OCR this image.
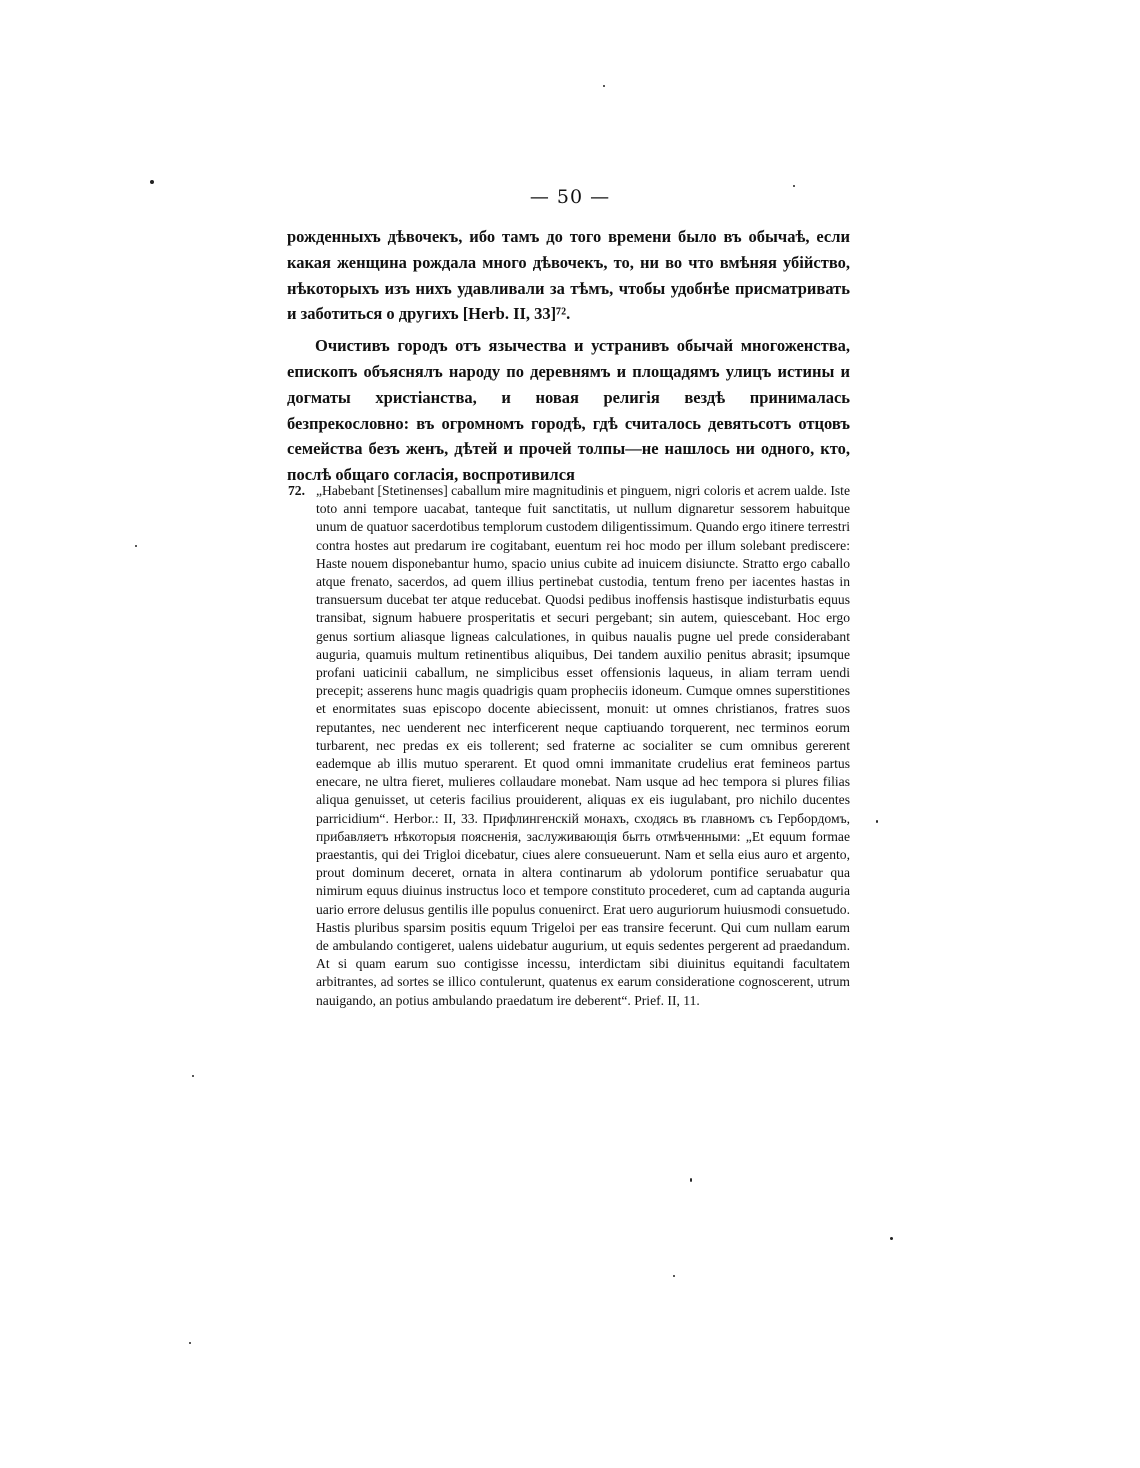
— 50 —

рожденныхъ дѣвочекъ, ибо тамъ до того времени было въ обычаѣ, если какая женщина рождала много дѣвочекъ, то, ни во что вмѣняя убійство, нѣкоторыхъ изъ нихъ удавливали за тѣмъ, чтобы удобнѣе присматривать и заботиться о другихъ [Herb. II, 33]⁷².

Очистивъ городъ отъ язычества и устранивъ обычай многоженства, епископъ объяснялъ народу по деревнямъ и площадямъ улицъ истины и догматы христіанства, и новая религія вездѣ принималась безпрекословно: въ огромномъ городѣ, гдѣ считалось девятьсотъ отцовъ семейства безъ женъ, дѣтей и прочей толпы—не нашлось ни одного, кто, послѣ общаго согласія, воспротивился

72. „Habebant [Stetinenses] caballum mire magnitudinis et pinguem, nigri coloris et acrem ualde. Iste toto anni tempore uacabat, tanteque fuit sanctitatis, ut nullum dignaretur sessorem habuitque unum de quatuor sacerdotibus templorum custodem diligentissimum. Quando ergo itinere terrestri contra hostes aut predarum ire cogitabant, euentum rei hoc modo per illum solebant prediscere: Haste nouem disponebantur humo, spacio unius cubite ad inuicem disiuncte. Stratto ergo caballo atque frenato, sacerdos, ad quem illius pertinebat custodia, tentum freno per iacentes hastas in transuersum ducebat ter atque reducebat. Quodsi pedibus inoffensis hastisque indisturbatis equus transibat, signum habuere prosperitatis et securi pergebant; sin autem, quiescebant. Hoc ergo genus sortium aliasque ligneas calculationes, in quibus naualis pugne uel prede considerabant auguria, quamuis multum retinentibus aliquibus, Dei tandem auxilio penitus abrasit; ipsumque profani uaticinii caballum, ne simplicibus esset offensionis laqueus, in aliam terram uendi precepit; asserens hunc magis quadrigis quam propheciis idoneum. Cumque omnes superstitiones et enormitates suas episcopo docente abiecissent, monuit: ut omnes christianos, fratres suos reputantes, nec uenderent nec interficerent neque captiuando torquerent, nec terminos eorum turbarent, nec predas ex eis tollerent; sed fraterne ac socialiter se cum omnibus gererent eademque ab illis mutuo sperarent. Et quod omni immanitate crudelius erat femineos partus enecare, ne ultra fieret, mulieres collaudare monebat. Nam usque ad hec tempora si plures filias aliqua genuisset, ut ceteris facilius prouiderent, aliquas ex eis iugulabant, pro nichilo ducentes parricidium“. Herbor.: II, 33. Прифлингенскій монахъ, сходясь въ главномъ съ Гербордомъ, прибавляетъ нѣкоторыя поясненія, заслуживающія быть отмѣченными: „Et equum formae praestantis, qui dei Trigloi dicebatur, ciues alere consueuerunt. Nam et sella eius auro et argento, prout dominum deceret, ornata in altera continarum ab ydolorum pontifice seruabatur qua nimirum equus diuinus instructus loco et tempore constituto procederet, cum ad captanda auguria uario errore delusus gentilis ille populus conuenirct. Erat uero auguriorum huiusmodi consuetudo. Hastis pluribus sparsim positis equum Trigeloi per eas transire fecerunt. Qui cum nullam earum de ambulando contigeret, ualens uidebatur augurium, ut equis sedentes pergerent ad praedandum. At si quam earum suo contigisse incessu, interdictam sibi diuinitus equitandi facultatem arbitrantes, ad sortes se illico contulerunt, quatenus ex earum consideratione cognoscerent, utrum nauigando, an potius ambulando praedatum ire deberent“. Prief. II, 11.
